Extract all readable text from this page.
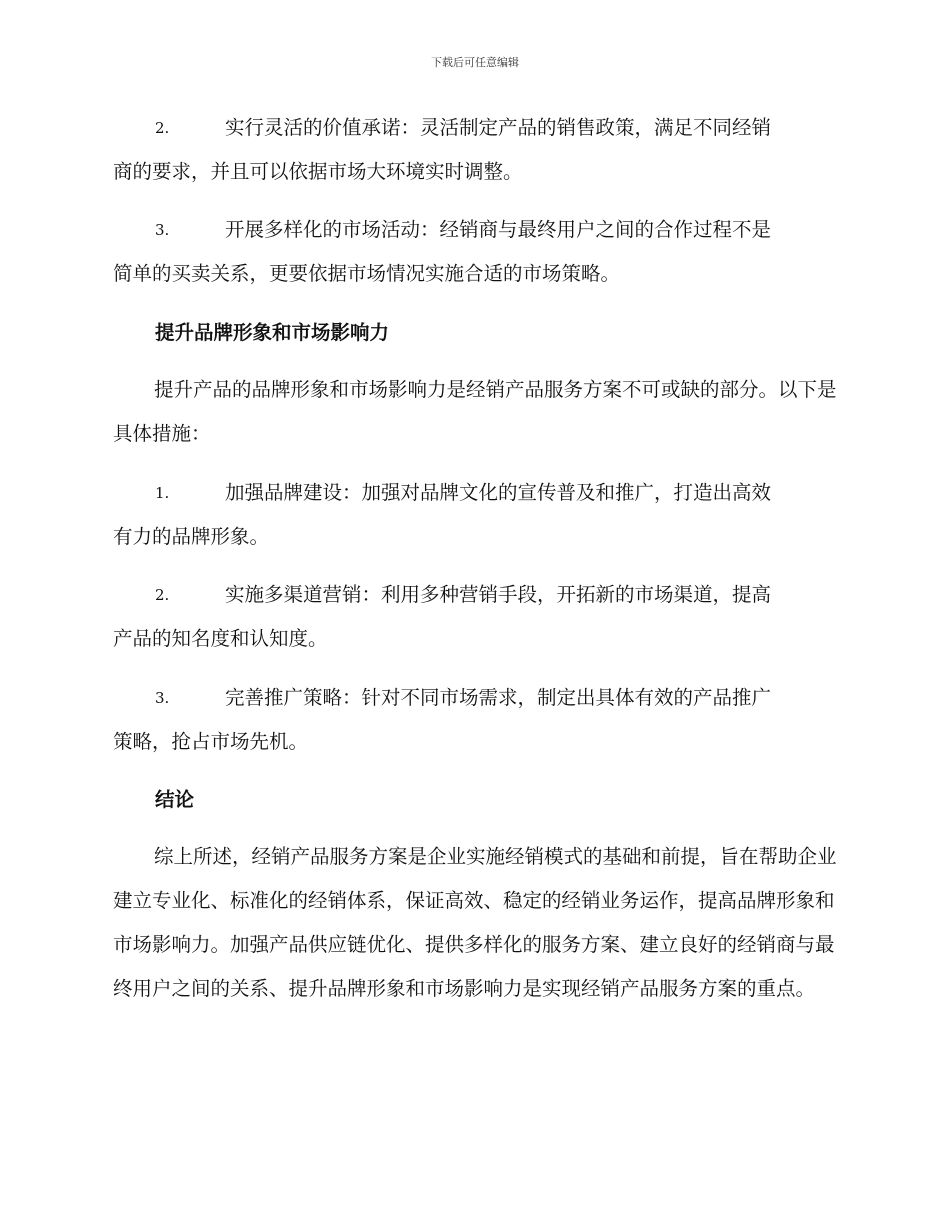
下载后可任意编辑
2.	实行灵活的价值承诺：灵活制定产品的销售政策，满足不同经销
商的要求，并且可以依据市场大环境实时调整。
3.	开展多样化的市场活动：经销商与最终用户之间的合作过程不是
简单的买卖关系，更要依据市场情况实施合适的市场策略。
提升品牌形象和市场影响力
提升产品的品牌形象和市场影响力是经销产品服务方案不可或缺的部分。以下是具体措施：
1.	加强品牌建设：加强对品牌文化的宣传普及和推广，打造出高效
有力的品牌形象。
2.	实施多渠道营销：利用多种营销手段，开拓新的市场渠道，提高
产品的知名度和认知度。
3.	完善推广策略：针对不同市场需求，制定出具体有效的产品推广
策略，抢占市场先机。
结论
综上所述，经销产品服务方案是企业实施经销模式的基础和前提，旨在帮助企业建立专业化、标准化的经销体系，保证高效、稳定的经销业务运作，提高品牌形象和市场影响力。加强产品供应链优化、提供多样化的服务方案、建立良好的经销商与最终用户之间的关系、提升品牌形象和市场影响力是实现经销产品服务方案的重点。
